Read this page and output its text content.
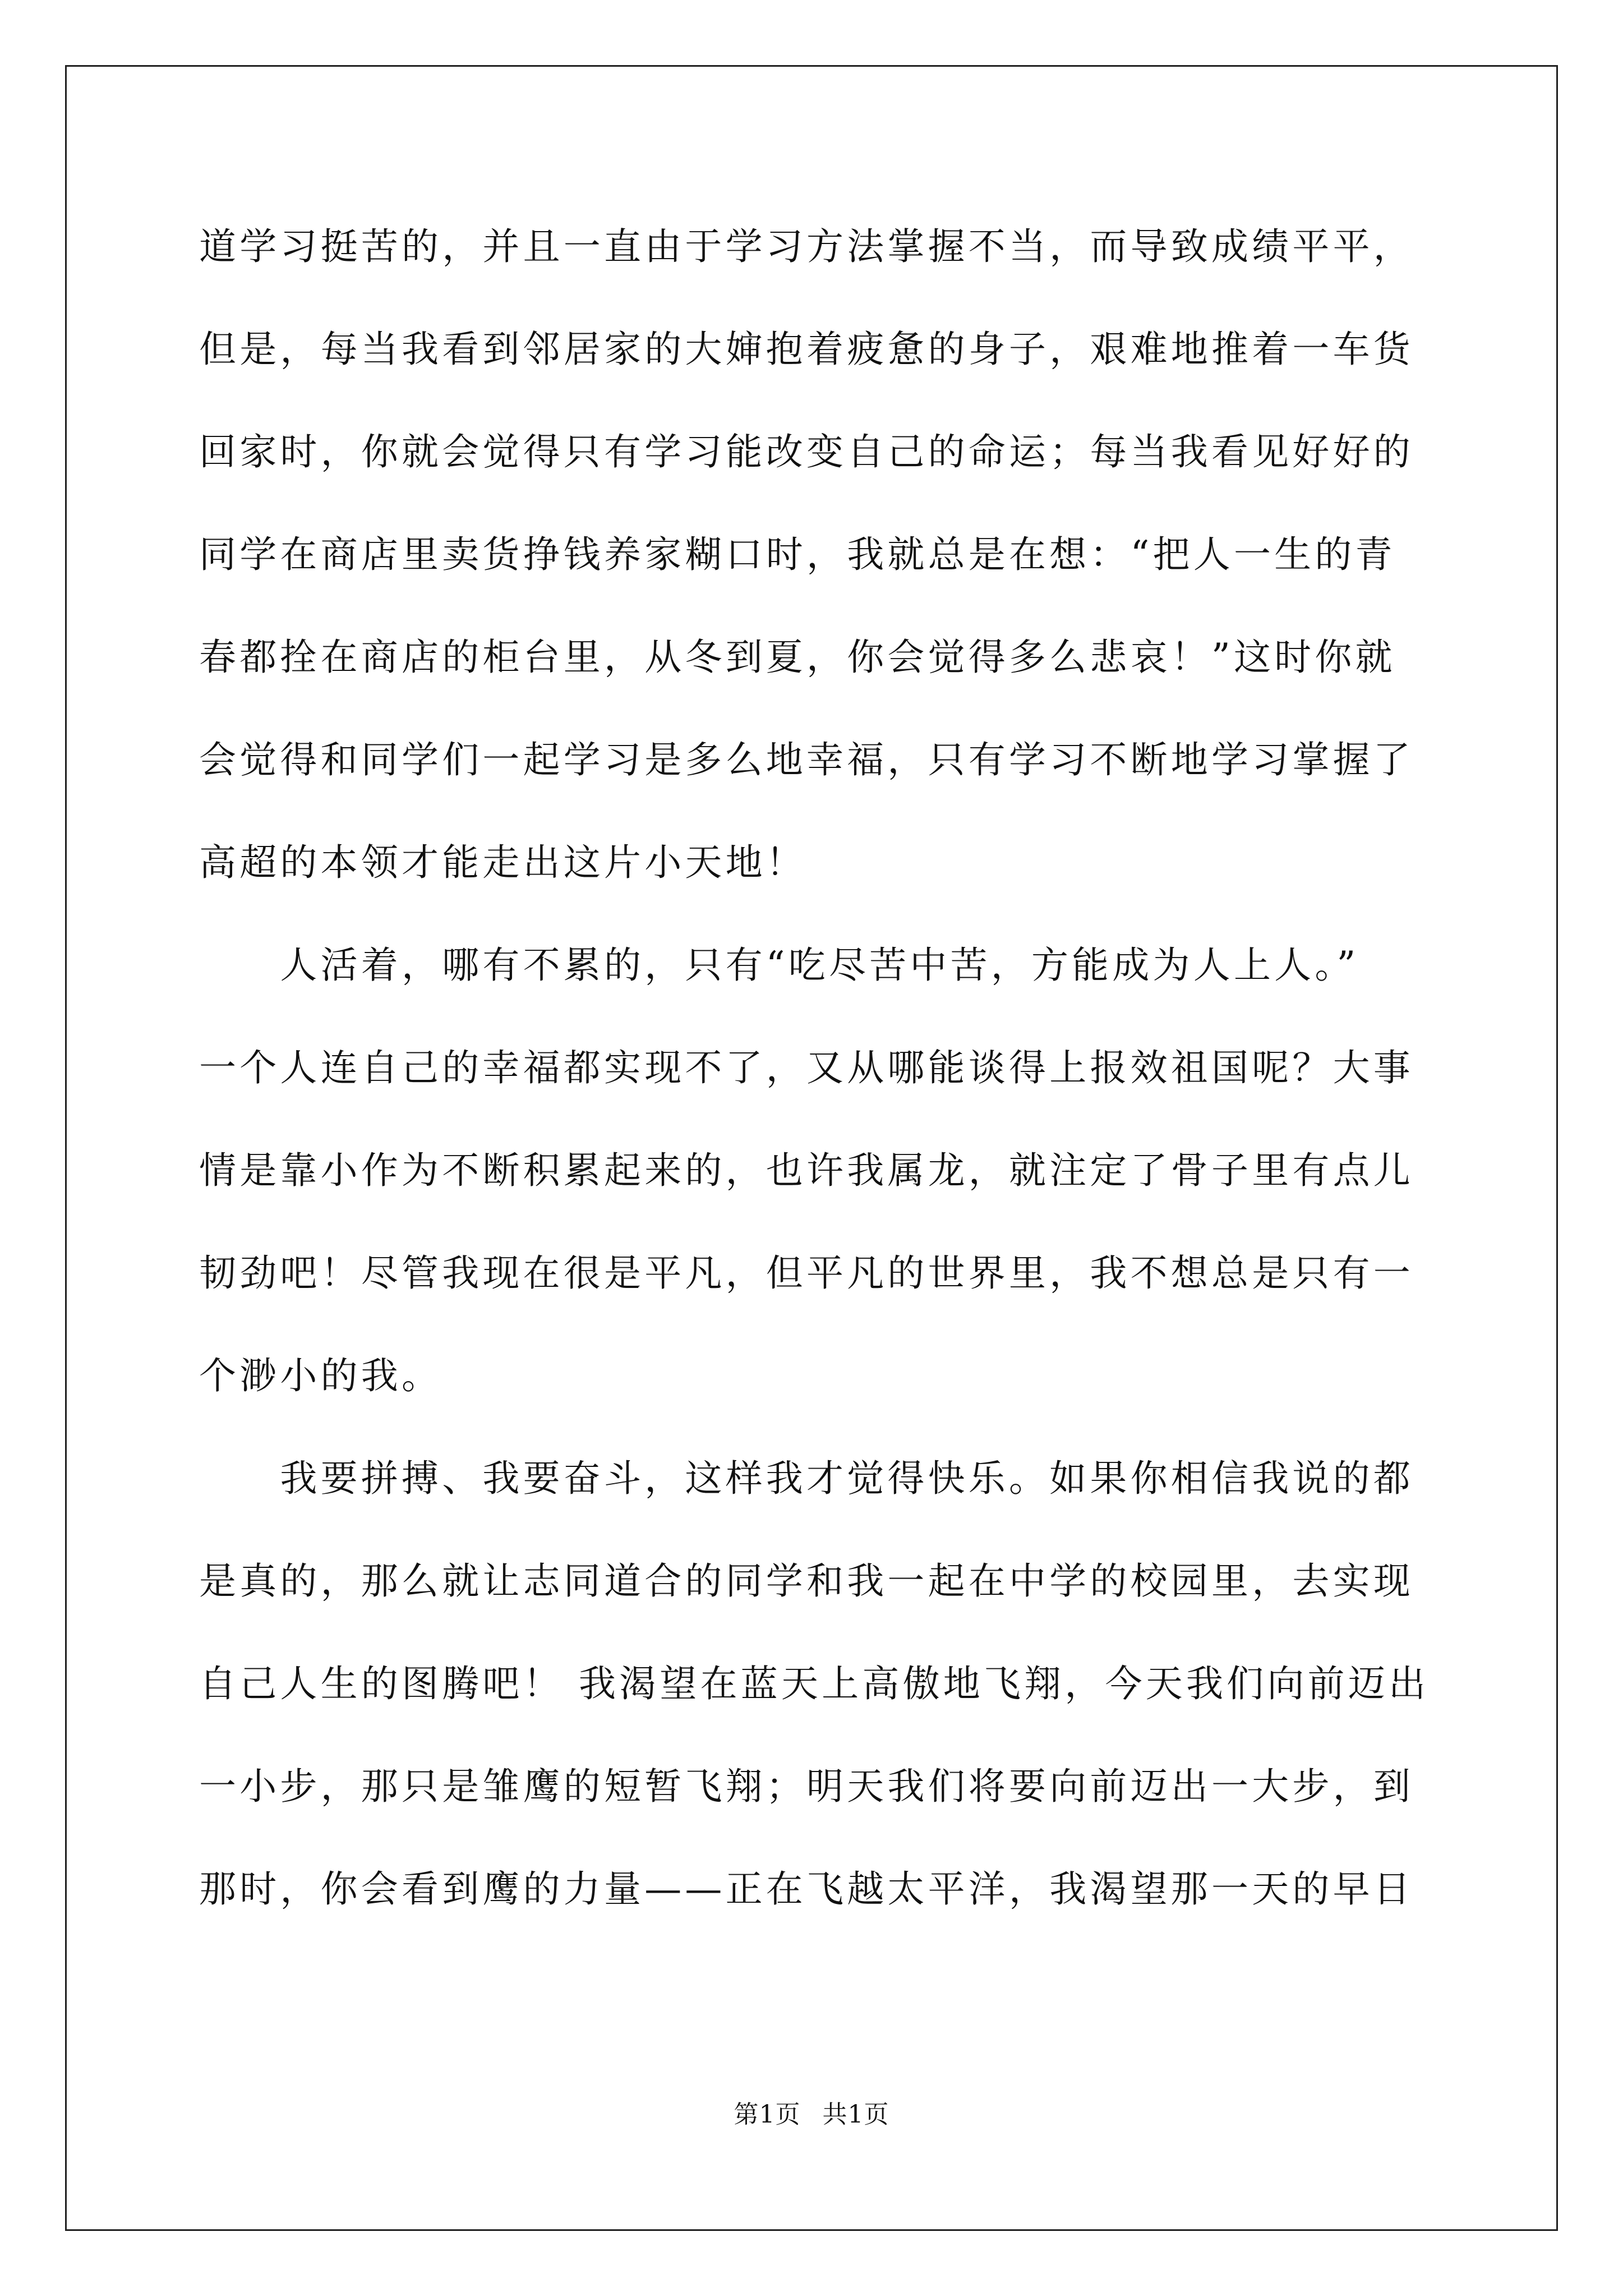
道学习挺苦的，并且一直由于学习方法掌握不当，而导致成绩平平，
但是，每当我看到邻居家的大婶抱着疲惫的身子，艰难地推着一车货
回家时，你就会觉得只有学习能改变自己的命运；每当我看见好好的
同学在商店里卖货挣钱养家糊口时，我就总是在想：“把人一生的青
春都拴在商店的柜台里，从冬到夏，你会觉得多么悲哀！”这时你就
会觉得和同学们一起学习是多么地幸福，只有学习不断地学习掌握了
高超的本领才能走出这片小天地！
　　人活着，哪有不累的，只有“吃尽苦中苦，方能成为人上人。”
一个人连自己的幸福都实现不了，又从哪能谈得上报效祖国呢？大事
情是靠小作为不断积累起来的，也许我属龙，就注定了骨子里有点儿
韧劲吧！尽管我现在很是平凡，但平凡的世界里，我不想总是只有一
个渺小的我。
　　我要拼搏、我要奋斗，这样我才觉得快乐。如果你相信我说的都
是真的，那么就让志同道合的同学和我一起在中学的校园里，去实现
自己人生的图腾吧！ 我渴望在蓝天上高傲地飞翔，今天我们向前迈出
一小步，那只是雏鹰的短暂飞翔；明天我们将要向前迈出一大步，到
那时，你会看到鹰的力量——正在飞越太平洋，我渴望那一天的早日
第1页 共1页
